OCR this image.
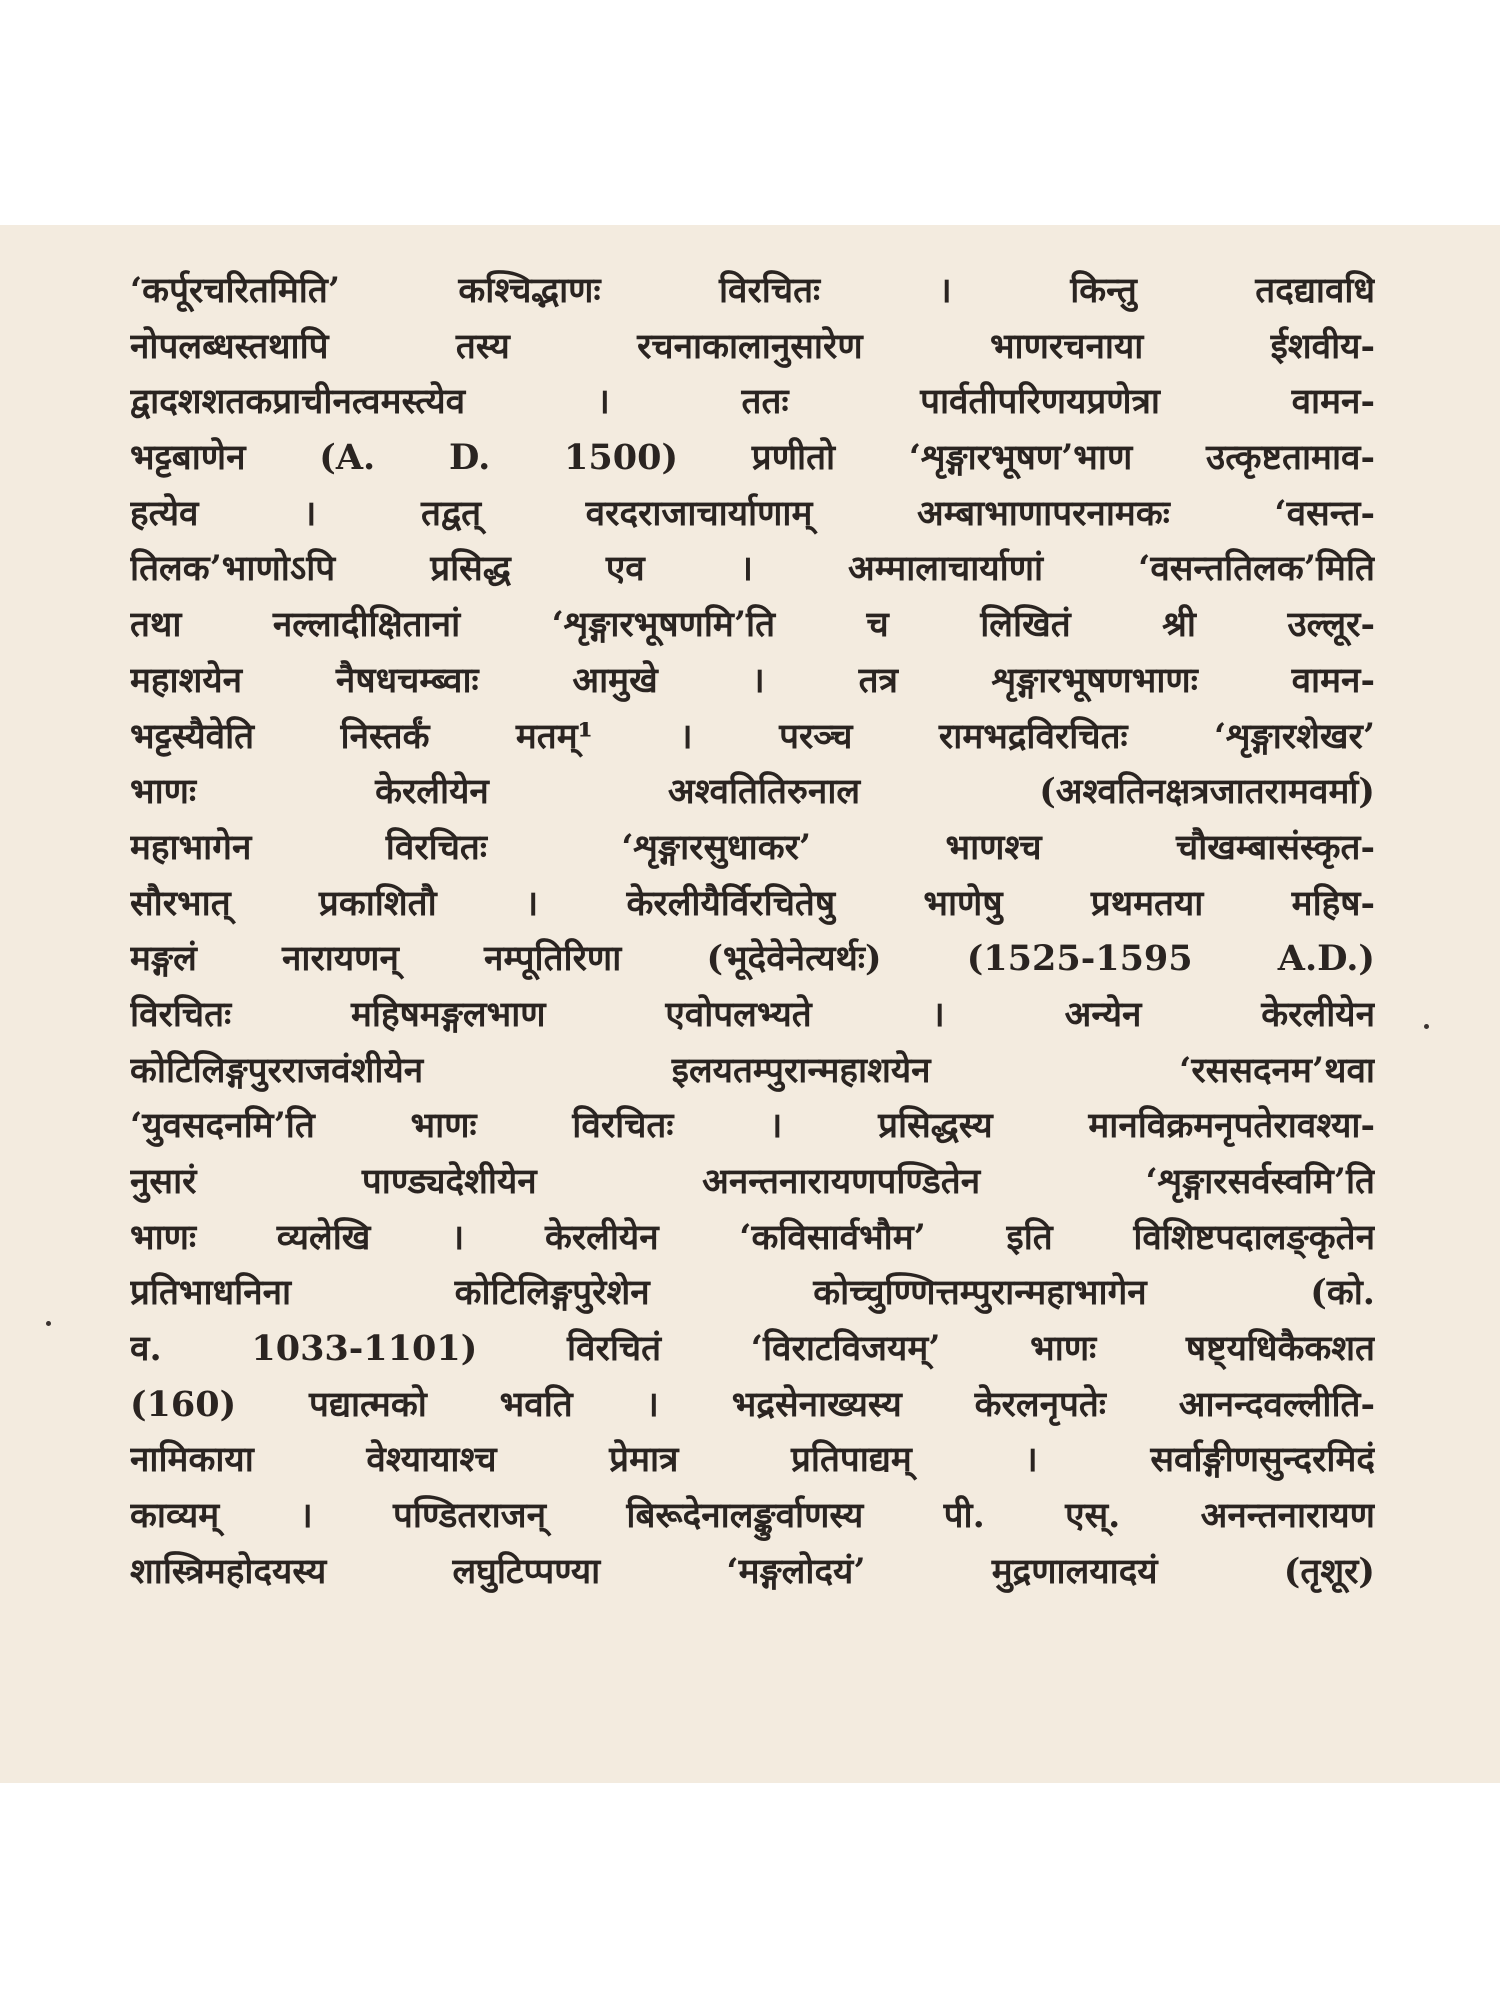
‘कर्पूरचरितमिति’ कश्चिद्भाणः विरचितः । किन्तु तदद्यावधि
नोपलब्धस्तथापि तस्य रचनाकालानुसारेण भाणरचनाया ईशवीय-
द्वादशशतकप्राचीनत्वमस्त्येव । ततः पार्वतीपरिणयप्रणेत्रा वामन-
भट्टबाणेन (A. D. 1500) प्रणीतो ‘शृङ्गारभूषण’भाण उत्कृष्टतामाव-
हत्येव । तद्वत् वरदराजाचार्याणाम् अम्बाभाणापरनामकः ‘वसन्त-
तिलक’भाणोऽपि प्रसिद्ध एव । अम्मालाचार्याणां ‘वसन्ततिलक’मिति
तथा नल्लादीक्षितानां ‘शृङ्गारभूषणमि’ति च लिखितं श्री उल्लूर-
महाशयेन नैषधचम्ब्वाः आमुखे । तत्र शृङ्गारभूषणभाणः वामन-
भट्टस्यैवेति निस्तर्कं मतम्¹ । परञ्च रामभद्रविरचितः ‘शृङ्गारशेखर’
भाणः केरलीयेन अश्वतितिरुनाल (अश्वतिनक्षत्रजातरामवर्मा)
महाभागेन विरचितः ‘शृङ्गारसुधाकर’ भाणश्च चौखम्बासंस्कृत-
सौरभात् प्रकाशितौ । केरलीयैर्विरचितेषु भाणेषु प्रथमतया महिष-
मङ्गलं नारायणन् नम्पूतिरिणा (भूदेवेनेत्यर्थः) (1525-1595 A.D.)
विरचितः महिषमङ्गलभाण एवोपलभ्यते । अन्येन केरलीयेन
कोटिलिङ्गपुरराजवंशीयेन इलयतम्पुरान्महाशयेन ‘रससदनम’थवा
‘युवसदनमि’ति भाणः विरचितः । प्रसिद्धस्य मानविक्रमनृपतेरावश्या-
नुसारं पाण्ड्यदेशीयेन अनन्तनारायणपण्डितेन ‘शृङ्गारसर्वस्वमि’ति
भाणः व्यलेखि । केरलीयेन ‘कविसार्वभौम’ इति विशिष्टपदालङ्कृतेन
प्रतिभाधनिना कोटिलिङ्गपुरेशेन कोच्चुण्णित्तम्पुरान्महाभागेन (को.
व. 1033-1101) विरचितं ‘विराटविजयम्’ भाणः षष्ट्यधिकैकशत
(160) पद्यात्मको भवति । भद्रसेनाख्यस्य केरलनृपतेः आनन्दवल्लीति-
नामिकाया वेश्यायाश्च प्रेमात्र प्रतिपाद्यम् । सर्वाङ्गीणसुन्दरमिदं
काव्यम् । पण्डितराजन् बिरूदेनालङ्कुर्वाणस्य पी. एस्. अनन्तनारायण
शास्त्रिमहोदयस्य लघुटिप्पण्या ‘मङ्गलोदयं’ मुद्रणालयादयं (तृशूर)
